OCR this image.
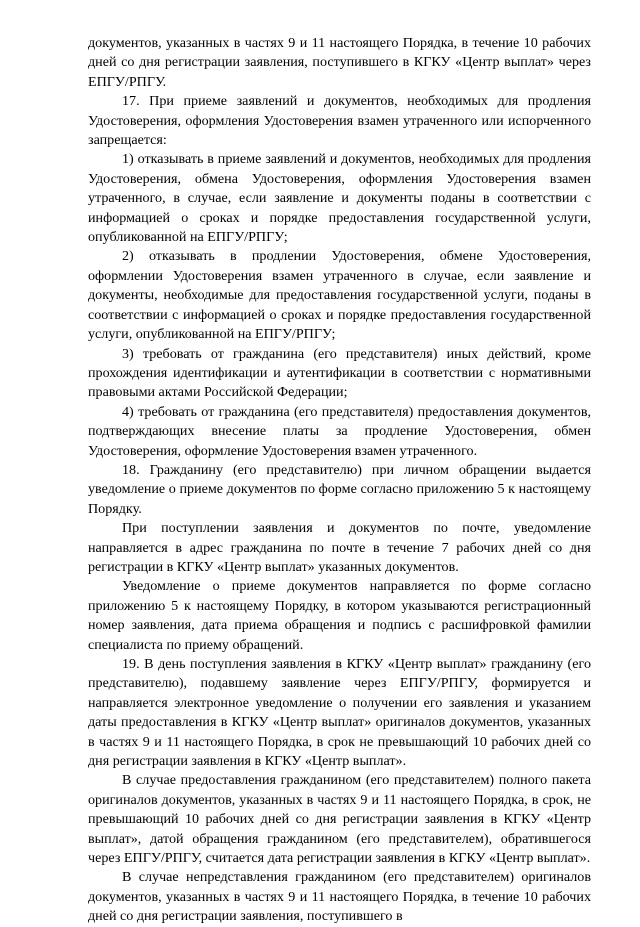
документов, указанных в частях 9 и 11 настоящего Порядка, в течение 10 рабочих дней со дня регистрации заявления, поступившего в КГКУ «Центр выплат» через ЕПГУ/РПГУ.

17. При приеме заявлений и документов, необходимых для продления Удостоверения, оформления Удостоверения взамен утраченного или испорченного запрещается:

1) отказывать в приеме заявлений и документов, необходимых для продления Удостоверения, обмена Удостоверения, оформления Удостоверения взамен утраченного, в случае, если заявление и документы поданы в соответствии с информацией о сроках и порядке предоставления государственной услуги, опубликованной на ЕПГУ/РПГУ;

2) отказывать в продлении Удостоверения, обмене Удостоверения, оформлении Удостоверения взамен утраченного в случае, если заявление и документы, необходимые для предоставления государственной услуги, поданы в соответствии с информацией о сроках и порядке предоставления государственной услуги, опубликованной на ЕПГУ/РПГУ;

3) требовать от гражданина (его представителя) иных действий, кроме прохождения идентификации и аутентификации в соответствии с нормативными правовыми актами Российской Федерации;

4) требовать от гражданина (его представителя) предоставления документов, подтверждающих внесение платы за продление Удостоверения, обмен Удостоверения, оформление Удостоверения взамен утраченного.

18. Гражданину (его представителю) при личном обращении выдается уведомление о приеме документов по форме согласно приложению 5 к настоящему Порядку.

При поступлении заявления и документов по почте, уведомление направляется в адрес гражданина по почте в течение 7 рабочих дней со дня регистрации в КГКУ «Центр выплат» указанных документов.

Уведомление о приеме документов направляется по форме согласно приложению 5 к настоящему Порядку, в котором указываются регистрационный номер заявления, дата приема обращения и подпись с расшифровкой фамилии специалиста по приему обращений.

19. В день поступления заявления в КГКУ «Центр выплат» гражданину (его представителю), подавшему заявление через ЕПГУ/РПГУ, формируется и направляется электронное уведомление о получении его заявления и указанием даты предоставления в КГКУ «Центр выплат» оригиналов документов, указанных в частях 9 и 11 настоящего Порядка, в срок не превышающий 10 рабочих дней со дня регистрации заявления в КГКУ «Центр выплат».

В случае предоставления гражданином (его представителем) полного пакета оригиналов документов, указанных в частях 9 и 11 настоящего Порядка, в срок, не превышающий 10 рабочих дней со дня регистрации заявления в КГКУ «Центр выплат», датой обращения гражданином (его представителем), обратившегося через ЕПГУ/РПГУ, считается дата регистрации заявления в КГКУ «Центр выплат».

В случае непредставления гражданином (его представителем) оригиналов документов, указанных в частях 9 и 11 настоящего Порядка, в течение 10 рабочих дней со дня регистрации заявления, поступившего в
